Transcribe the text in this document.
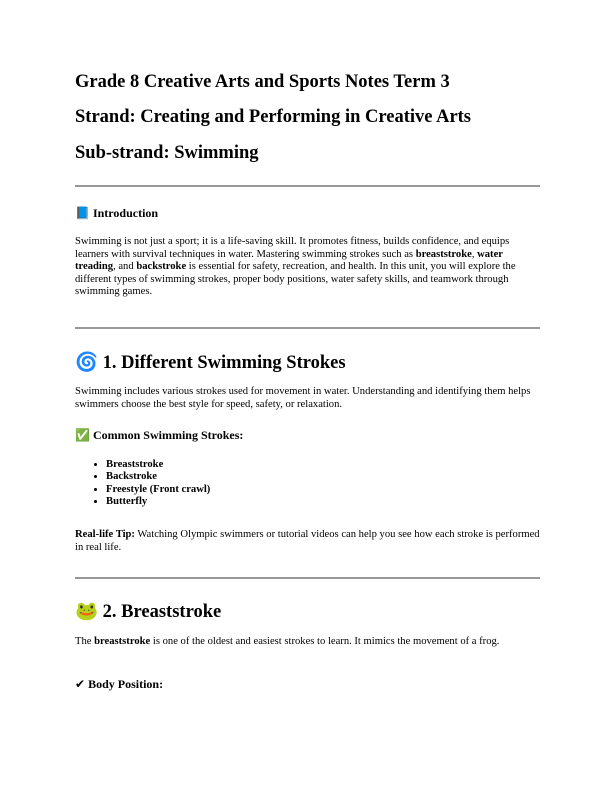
Grade 8 Creative Arts and Sports Notes Term 3
Strand: Creating and Performing in Creative Arts
Sub-strand: Swimming
📘 Introduction

Swimming is not just a sport; it is a life-saving skill. It promotes fitness, builds confidence, and equips learners with survival techniques in water. Mastering swimming strokes such as breaststroke, water treading, and backstroke is essential for safety, recreation, and health. In this unit, you will explore the different types of swimming strokes, proper body positions, water safety skills, and teamwork through swimming games.

🌀 1. Different Swimming Strokes

Swimming includes various strokes used for movement in water. Understanding and identifying them helps swimmers choose the best style for speed, safety, or relaxation.

✅ Common Swimming Strokes:
• Breaststroke
• Backstroke
• Freestyle (Front crawl)
• Butterfly

Real-life Tip: Watching Olympic swimmers or tutorial videos can help you see how each stroke is performed in real life.

🐸 2. Breaststroke

The breaststroke is one of the oldest and easiest strokes to learn. It mimics the movement of a frog.

✔ Body Position:
